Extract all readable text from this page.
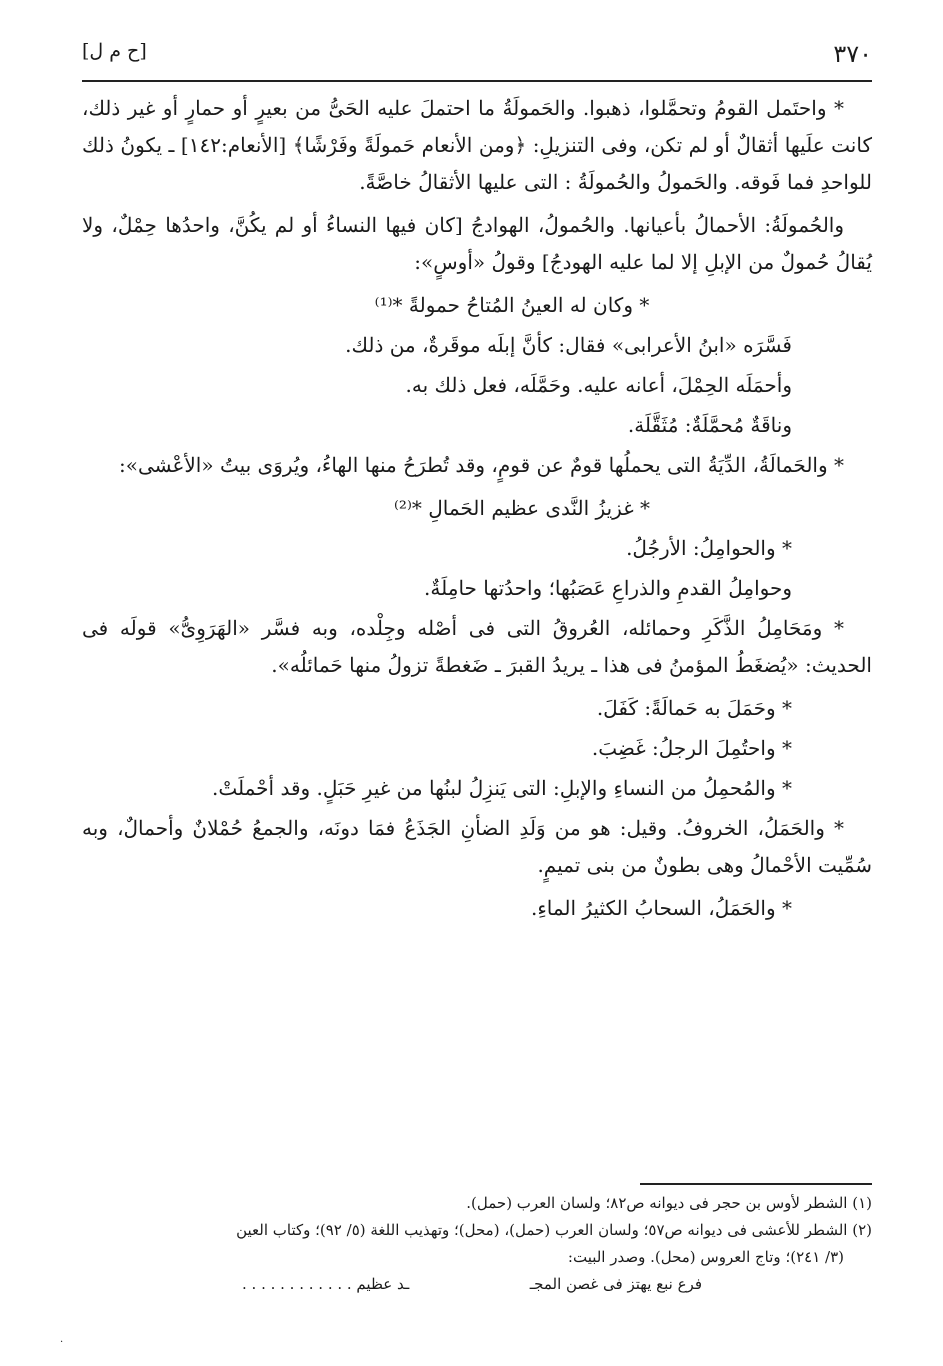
٣٧٠
[ح م ل]

* واحتَمل القومُ وتحمَّلوا، ذهبوا. والحَمولَةُ ما احتملَ عليه الحَىُّ من بعيرٍ أو حمارٍ أو غير ذلك، كانت علَيها أثقالٌ أو لم تكن، وفى التنزيلِ: ﴿ومن الأنعام حَمولَةً وفَرْشًا﴾ [الأنعام:١٤٢] ـ يكونُ ذلك للواحدِ فما فَوقه. والحَمولُ والحُمولَةُ : التى عليها الأثقالُ خاصَّةً.

والحُمولَةُ: الأحمالُ بأعيانها. والحُمولُ، الهوادجُ [كان فيها النساءُ أو لم يكُنَّ، واحدُها حِمْلٌ، ولا يُقالُ حُمولٌ من الإبلِ إلا لما عليه الهودجُ] وقولُ «أوسٍ»:

* وكان له العينُ المُتاحُ حمولةً *⁽¹⁾

فَسَّرَه «ابنُ الأعرابى» فقال: كأنَّ إبلَه موقَرةٌ، من ذلك.

وأحمَلَه الحِمْلَ، أعانه عليه. وحَمَّلَه، فعل ذلك به.

وناقَةٌ مُحمَّلَةٌ: مُثَقَّلَة.

* والحَمالَةُ، الدِّيَةُ التى يحملُها قومٌ عن قومٍ، وقد تُطرَحُ منها الهاءُ، ويُروَى بيتُ «الأعْشى»:

* غزيزُ النَّدى عظيم الحَمالِ *⁽²⁾

* والحوامِلُ: الأرجُلُ.

وحوامِلُ القدمِ والذراعِ عَصَبُها؛ واحدُتها حامِلَةٌ.

* ومَحَامِلُ الذَّكَرِ وحمائله، العُروقُ التى فى أصْله وجِلْده، وبه فسَّر «الهَرَوِىُّ» قولَه فى الحديث: «يُضغَطُ المؤمنُ فى هذا ـ يريدُ القبرَ ـ ضَغطةً تزولُ منها حَمائلُه».

* وحَمَلَ به حَمالَةً: كَفَلَ.

* واحتُمِلَ الرجلُ: غَضِبَ.

* والمُحمِلُ من النساءِ والإبلِ: التى يَنزِلُ لبنُها من غيرِ حَبَلٍ. وقد أحْملَتْ.

* والحَمَلُ، الخروفُ. وقيل: هو من وَلَدِ الضأنِ الجَذَعُ فمَا دونَه، والجمعُ حُمْلانٌ وأحمالٌ، وبه سُمِّيت الأحْمالُ وهى بطونٌ من بنى تميمٍ.

* والحَمَلُ، السحابُ الكثيرُ الماءِ.

(١) الشطر لأوس بن حجر فى ديوانه ص٨٢؛ ولسان العرب (حمل).

(٢) الشطر للأعشى فى ديوانه ص٥٧؛ ولسان العرب (حمل)، (محل)؛ وتهذيب اللغة (٥/ ٩٢)؛ وكتاب العين

(٣/ ٢٤١)؛ وتاج العروس (محل). وصدر البيت:

فرع نبع يهتز فى غصن المجـ
ـد عظيم . . . . . . . . . . . .
.
